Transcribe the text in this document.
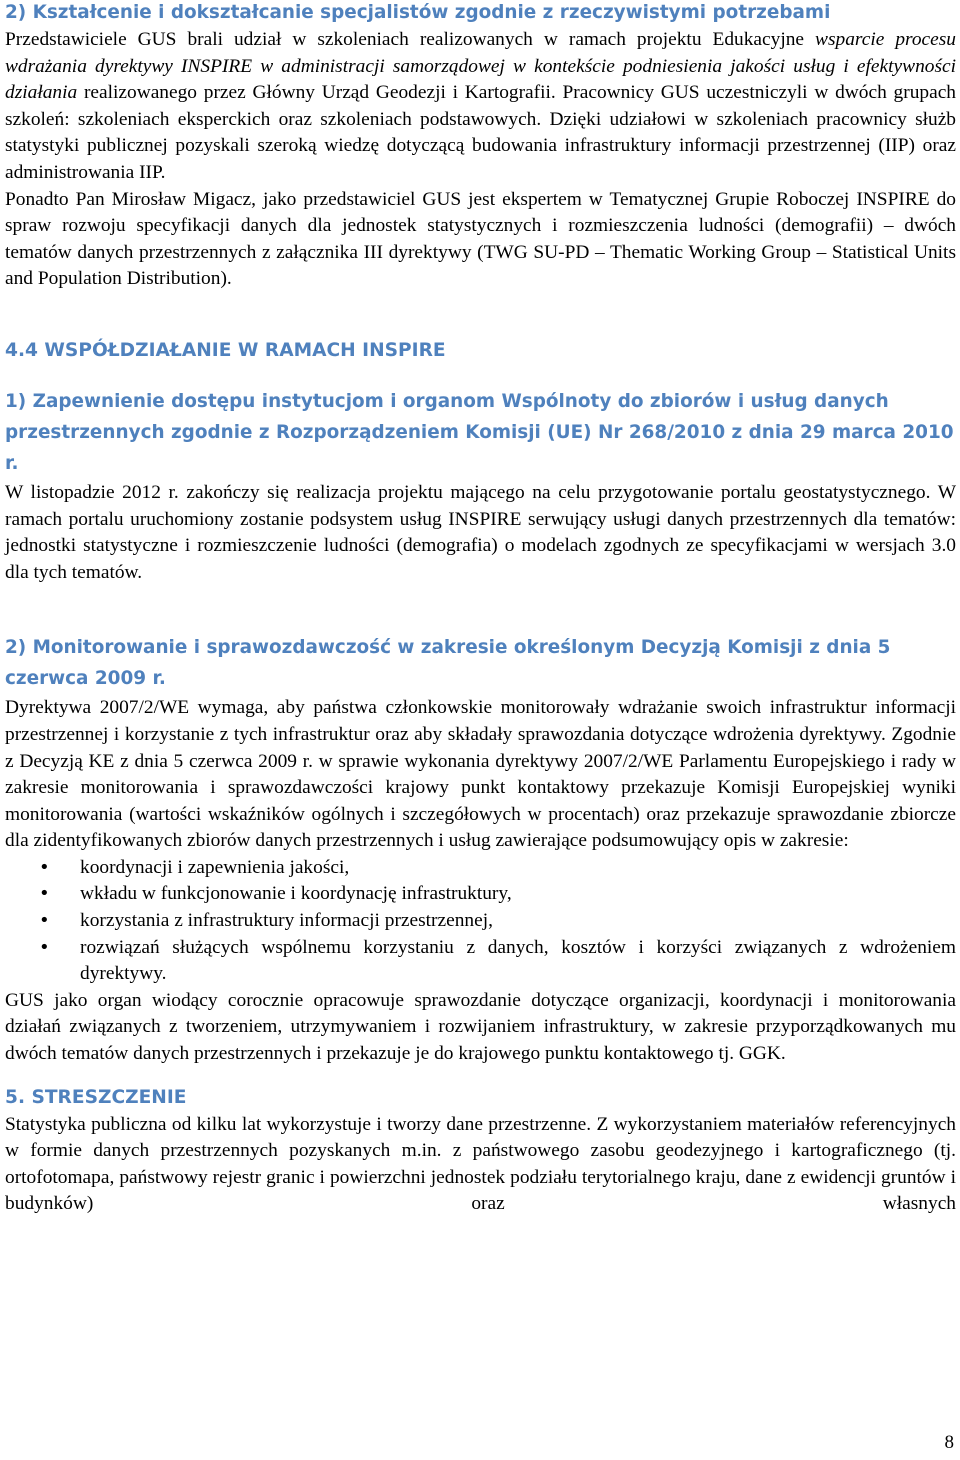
2) Kształcenie i dokształcanie specjalistów zgodnie z rzeczywistymi potrzebami

Przedstawiciele GUS brali udział w szkoleniach realizowanych w ramach projektu Edukacyjne wsparcie procesu wdrażania dyrektywy INSPIRE w administracji samorządowej w kontekście podniesienia jakości usług i efektywności działania realizowanego przez Główny Urząd Geodezji i Kartografii. Pracownicy GUS uczestniczyli w dwóch grupach szkoleń: szkoleniach eksperckich oraz szkoleniach podstawowych. Dzięki udziałowi w szkoleniach pracownicy służb statystyki publicznej pozyskali szeroką wiedzę dotyczącą budowania infrastruktury informacji przestrzennej (IIP) oraz administrowania IIP.

Ponadto Pan Mirosław Migacz, jako przedstawiciel GUS jest ekspertem w Tematycznej Grupie Roboczej INSPIRE do spraw rozwoju specyfikacji danych dla jednostek statystycznych i rozmieszczenia ludności (demografii) – dwóch tematów danych przestrzennych z załącznika III dyrektywy (TWG SU-PD – Thematic Working Group – Statistical Units and Population Distribution).

4.4 WSPÓŁDZIAŁANIE W RAMACH INSPIRE
1) Zapewnienie dostępu instytucjom i organom Wspólnoty do zbiorów i usług danych przestrzennych zgodnie z Rozporządzeniem Komisji (UE) Nr 268/2010 z dnia 29 marca 2010 r.

W listopadzie 2012 r. zakończy się realizacja projektu mającego na celu przygotowanie portalu geostatystycznego. W ramach portalu uruchomiony zostanie podsystem usług INSPIRE serwujący usługi danych przestrzennych dla tematów: jednostki statystyczne i rozmieszczenie ludności (demografia) o modelach zgodnych ze specyfikacjami w wersjach 3.0 dla tych tematów.

2) Monitorowanie i sprawozdawczość w zakresie określonym Decyzją Komisji z dnia 5 czerwca 2009 r.

Dyrektywa 2007/2/WE wymaga, aby państwa członkowskie monitorowały wdrażanie swoich infrastruktur informacji przestrzennej i korzystanie z tych infrastruktur oraz aby składały sprawozdania dotyczące wdrożenia dyrektywy. Zgodnie z Decyzją KE z dnia 5 czerwca 2009 r. w sprawie wykonania dyrektywy 2007/2/WE Parlamentu Europejskiego i rady w zakresie monitorowania i sprawozdawczości krajowy punkt kontaktowy przekazuje Komisji Europejskiej wyniki monitorowania (wartości wskaźników ogólnych i szczegółowych w procentach) oraz przekazuje sprawozdanie zbiorcze dla zidentyfikowanych zbiorów danych przestrzennych i usług zawierające podsumowujący opis w zakresie:

• koordynacji i zapewnienia jakości,

• wkładu w funkcjonowanie i koordynację infrastruktury,

• korzystania z infrastruktury informacji przestrzennej,

• rozwiązań służących wspólnemu korzystaniu z danych, kosztów i korzyści związanych z wdrożeniem dyrektywy.

GUS jako organ wiodący corocznie opracowuje sprawozdanie dotyczące organizacji, koordynacji i monitorowania działań związanych z tworzeniem, utrzymywaniem i rozwijaniem infrastruktury, w zakresie przyporządkowanych mu dwóch tematów danych przestrzennych i przekazuje je do krajowego punktu kontaktowego tj. GGK.

5. STRESZCZENIE

Statystyka publiczna od kilku lat wykorzystuje i tworzy dane przestrzenne. Z wykorzystaniem materiałów referencyjnych w formie danych przestrzennych pozyskanych m.in. z państwowego zasobu geodezyjnego i kartograficznego (tj. ortofotomapa, państwowy rejestr granic i powierzchni jednostek podziału terytorialnego kraju, dane z ewidencji gruntów i budynków) oraz własnych

8
